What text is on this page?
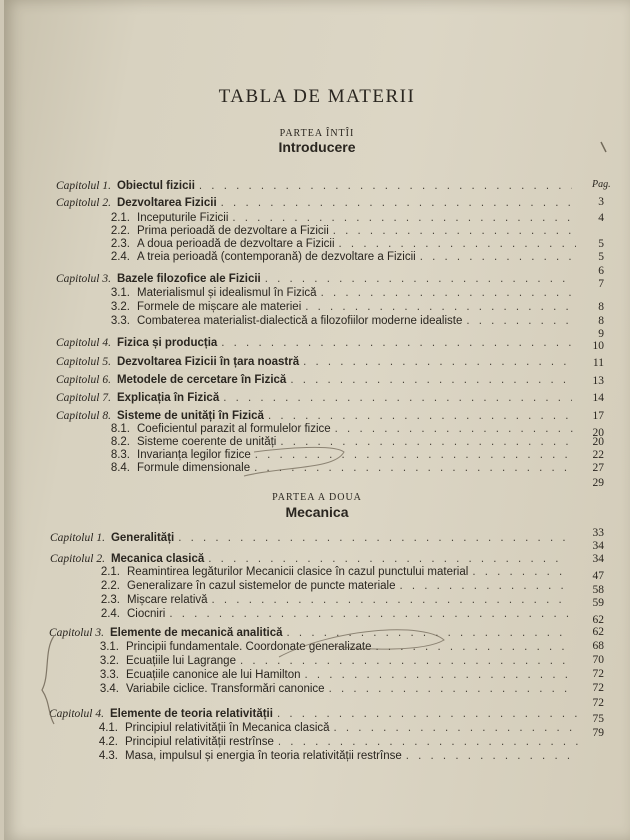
TABLA DE MATERII
PARTEA ÎNTÎI
Introducere
Pag.
PARTEA A DOUA
Mecanica
Capitolul 1. Obiectul fizicii
. . .
3
Capitolul 2. Dezvoltarea Fizicii
. . .
4
2.1. Inceputurile Fizicii
. . .
5
2.2. Prima perioadă de dezvoltare a Fizicii
. . .
5
2.3. A doua perioadă de dezvoltare a Fizicii
. . .
6
2.4. A treia perioadă (contemporană) de dezvoltare a Fizicii
. . .
7
Capitolul 3. Bazele filozofice ale Fizicii
. . .
8
3.1. Materialismul și idealismul în Fizică
. . .
8
3.2. Formele de mișcare ale materiei
. . .
9
3.3. Combaterea materialist-dialectică a filozofiilor moderne idealiste
. . .
10
Capitolul 4. Fizica și producția
. . .
11
Capitolul 5. Dezvoltarea Fizicii în țara noastră
. . .
13
Capitolul 6. Metodele de cercetare în Fizică
. . .
14
Capitolul 7. Explicația în Fizică
. . .
17
Capitolul 8. Sisteme de unități în Fizică
. . .
20
8.1. Coeficientul parazit al formulelor fizice
. . .
20
8.2. Sisteme coerente de unități
. . .
22
8.3. Invarianța legilor fizice
. . .
27
8.4. Formule dimensionale
. . .
29
Capitolul 1. Generalități
. . .	33
Capitolul 2. Mecanica clasică
. . .
34
2.1. Reamintirea legăturilor Mecanicii clasice în cazul punctului material
. . .
34
2.2. Generalizare în cazul sistemelor de puncte materiale
. . .
47
2.3. Mișcare relativă
. . .
58
2.4. Ciocniri
. . .
59
Capitolul 3. Elemente de mecanică analitică
. . .
62
3.1. Principii fundamentale. Coordonate generalizate
. . .
62
3.2. Ecuațiile lui Lagrange
. . .
68
3.3. Ecuațiile canonice ale lui Hamilton
. . .
70
3.4. Variabile ciclice. Transformări canonice
. . .
72
Capitolul 4. Elemente de teoria relativității
. . .
72
4.1. Principiul relativității în Mecanica clasică
. . .
72
4.2. Principiul relativității restrînse
. . .
75
4.3. Masa, impulsul și energia în teoria relativității restrînse
. . .
79
